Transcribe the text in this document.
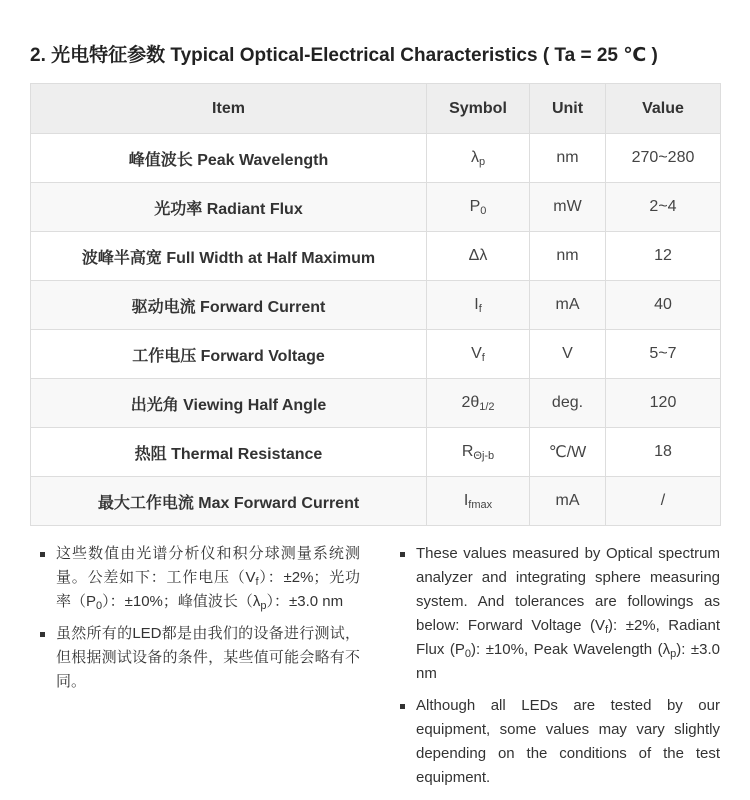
2. 光电特征参数 Typical Optical-Electrical Characteristics ( Ta = 25 ℃ )
Item	Symbol	Unit	Value
峰值波长 Peak Wavelength	$\lambda_p$	nm	270~280
光功率 Radiant Flux	$P_0$	mW	2~4
波峰半高宽 Full Width at Half Maximum	Δλ	nm	12
驱动电流 Forward Current	$I_f$	mA	40
工作电压 Forward Voltage	$V_f$	V	5~7
出光角 Viewing Half Angle	$2\theta_{1/2}$	deg.	120
热阻 Thermal Resistance	$R_{\Theta j-b}$	℃/W	18
最大工作电流 Max Forward Current	$I_{fmax}$	mA	/
这些数值由光谱分析仪和积分球测量系统测量。公差如下：工作电压$(V_f)$：±2%；光功率$(P_0)$：±10%；峰值波长$(\lambda_p)$：±3.0 nm
虽然所有的LED都是由我们的设备进行测试，但根据测试设备的条件，某些值可能会略有不同。
These values measured by Optical spectrum analyzer and integrating sphere measuring system. And tolerances are followings as below: Forward Voltage $(V_f)$: ±2%, Radiant Flux $(P_0)$: ±10%, Peak Wavelength $(\lambda_p)$: ±3.0 nm
Although all LEDs are tested by our equipment, some values may vary slightly depending on the conditions of the test equipment.
